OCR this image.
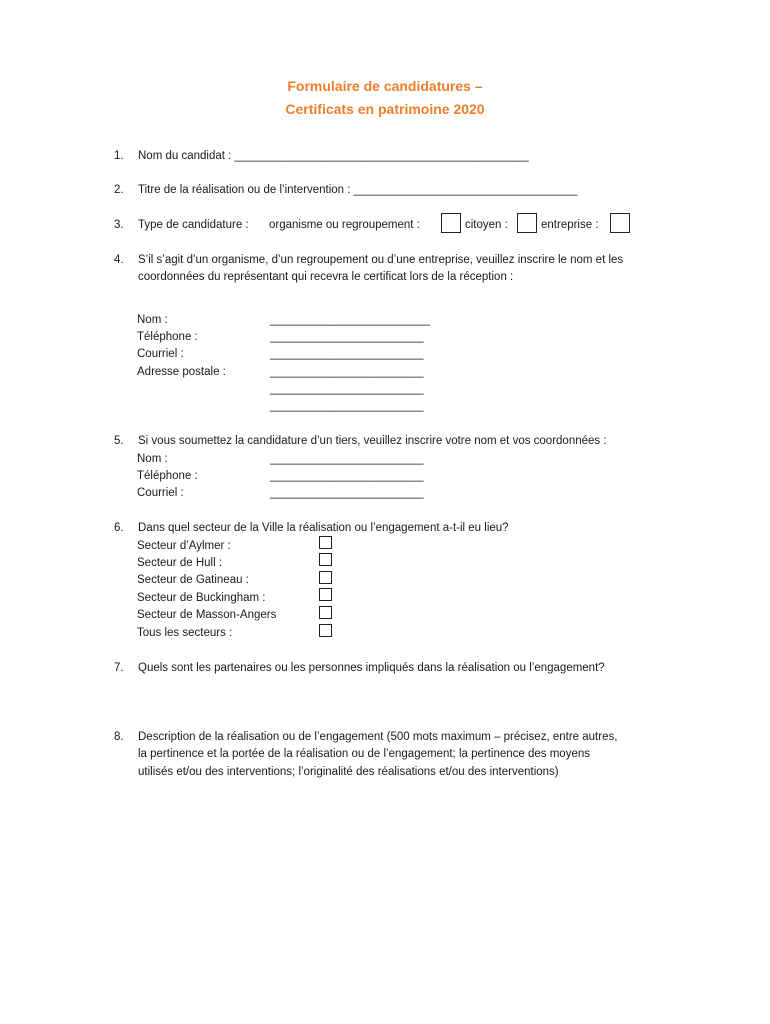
Formulaire de candidatures –
Certificats en patrimoine 2020
1. Nom du candidat : ______________________________________________
2. Titre de la réalisation ou de l’intervention : ___________________________________
3. Type de candidature : organisme ou regroupement :	citoyen :	entreprise :
4. S’il s’agit d’un organisme, d’un regroupement ou d’une entreprise, veuillez inscrire le nom et les
coordonnées du représentant qui recevra le certificat lors de la réception :
Nom :
Téléphone :
Courriel :
Adresse postale :
_________________________
________________________
________________________
________________________
________________________
________________________
5. Si vous soumettez la candidature d’un tiers, veuillez inscrire votre nom et vos coordonnées :
Nom :
Téléphone :
Courriel :
________________________
________________________
________________________
6. Dans quel secteur de la Ville la réalisation ou l’engagement a-t-il eu lieu?
Secteur d’Aylmer :
Secteur de Hull :
Secteur de Gatineau :
Secteur de Buckingham :
Secteur de Masson-Angers
Tous les secteurs :
7. Quels sont les partenaires ou les personnes impliqués dans la réalisation ou l’engagement?
8. Description de la réalisation ou de l’engagement (500 mots maximum – précisez, entre autres,
la pertinence et la portée de la réalisation ou de l’engagement; la pertinence des moyens
utilisés et/ou des interventions; l’originalité des réalisations et/ou des interventions)
